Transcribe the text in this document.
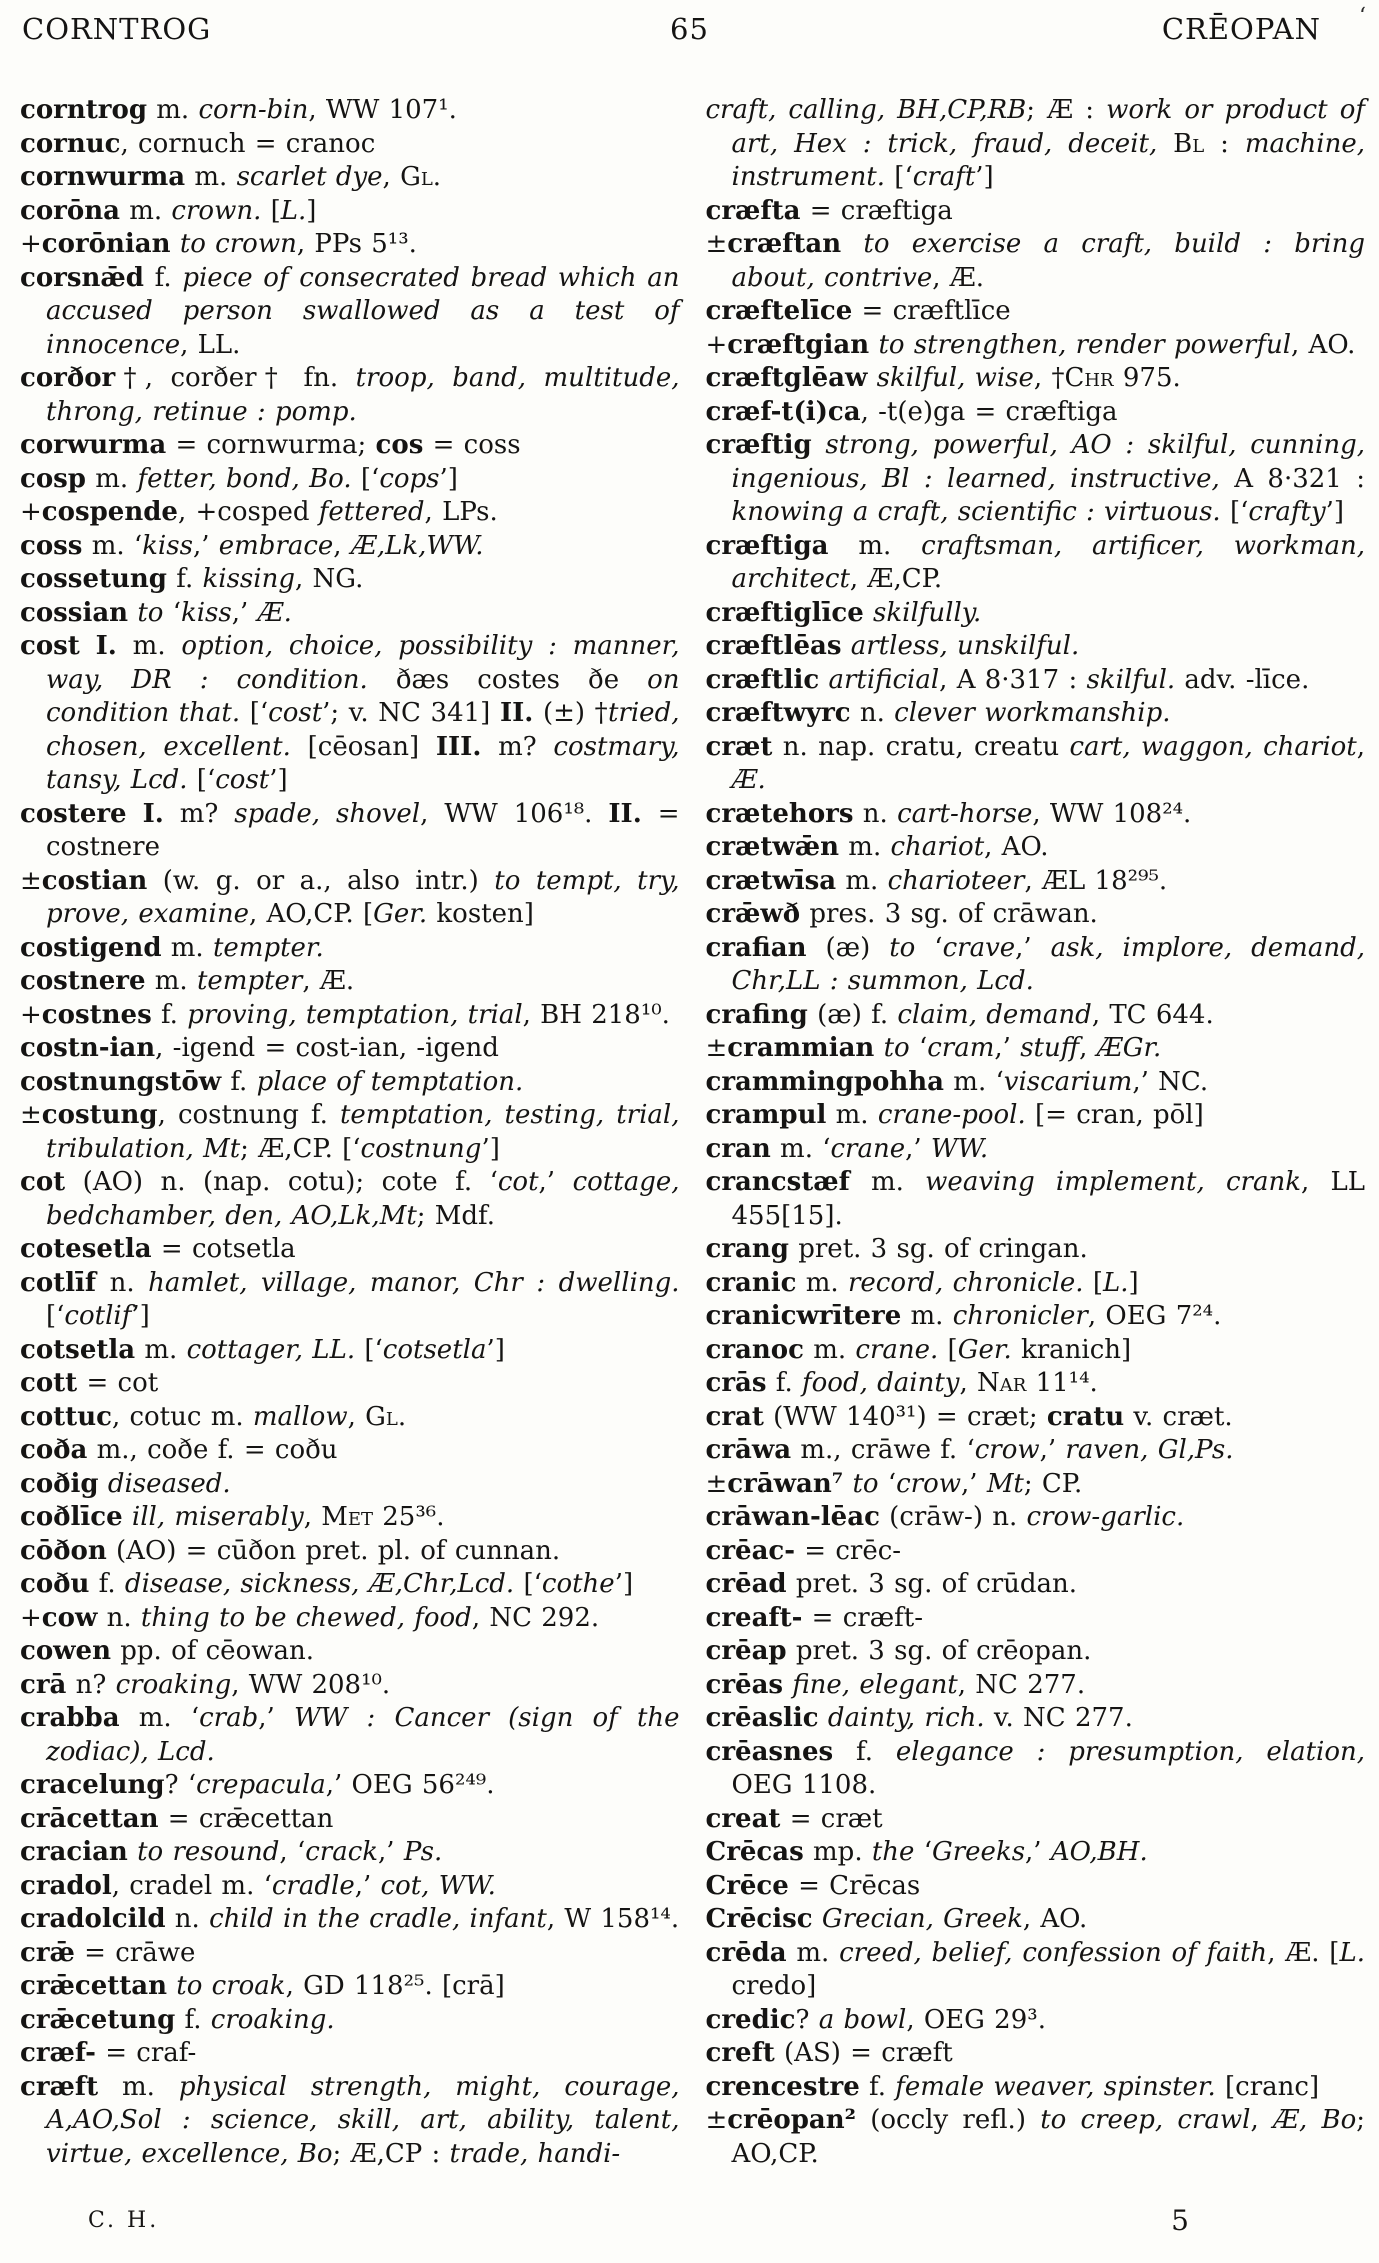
CORNTROG	65	CRĒOPAN ʻ

corntrog m. corn-bin, WW 107¹.

cornuc, cornuch = cranoc

cornwurma m. scarlet dye, Gl.

corōna m. crown. [L.]

+corōnian to crown, PPs 5¹³.

corsnǣd f. piece of consecrated bread which an accused person swallowed as a test of innocence, LL.

corðor†, corðer† fn. troop, band, multitude, throng, retinue : pomp.

corwurma = cornwurma; cos = coss

cosp m. fetter, bond, Bo. [‘cops’]

+cospende, +cosped fettered, LPs.

coss m. ‘kiss,’ embrace, Æ,Lk,WW.

cossetung f. kissing, NG.

cossian to ‘kiss,’ Æ.

cost I. m. option, choice, possibility : manner, way, DR : condition. ðæs costes ðe on condition that. [‘cost’; v. NC 341] II. (±) †tried, chosen, excellent. [cēosan] III. m? costmary, tansy, Lcd. [‘cost’]

costere I. m? spade, shovel, WW 106¹⁸. II. = costnere

±costian (w. g. or a., also intr.) to tempt, try, prove, examine, AO,CP. [Ger. kosten]

costigend m. tempter.

costnere m. tempter, Æ.

+costnes f. proving, temptation, trial, BH 218¹⁰.

costn-ian, -igend = cost-ian, -igend

costnungstōw f. place of temptation.

±costung, costnung f. temptation, testing, trial, tribulation, Mt; Æ,CP. [‘costnung’]

cot (AO) n. (nap. cotu); cote f. ‘cot,’ cottage, bedchamber, den, AO,Lk,Mt; Mdf.

cotesetla = cotsetla

cotlīf n. hamlet, village, manor, Chr : dwelling. [‘cotlif’]

cotsetla m. cottager, LL. [‘cotsetla’]

cott = cot

cottuc, cotuc m. mallow, Gl.

coða m., coðe f. = coðu

coðig diseased.

coðlīce ill, miserably, Met 25³⁶.

cōðon (AO) = cūðon pret. pl. of cunnan.

coðu f. disease, sickness, Æ,Chr,Lcd. [‘cothe’]

+cow n. thing to be chewed, food, NC 292.

cowen pp. of cēowan.

crā n? croaking, WW 208¹⁰.

crabba m. ‘crab,’ WW : Cancer (sign of the zodiac), Lcd.

cracelung? ‘crepacula,’ OEG 56²⁴⁹.

crācettan = crǣcettan

cracian to resound, ‘crack,’ Ps.

cradol, cradel m. ‘cradle,’ cot, WW.

cradolcild n. child in the cradle, infant, W 158¹⁴.

crǣ = crāwe

crǣcettan to croak, GD 118²⁵. [crā]

crǣcetung f. croaking.

cræf- = craf-

cræft m. physical strength, might, courage, A,AO,Sol : science, skill, art, ability, talent, virtue, excellence, Bo; Æ,CP : trade, handi-

craft, calling, BH,CP,RB; Æ : work or product of art, Hex : trick, fraud, deceit, Bl : machine, instrument. [‘craft’]

cræfta = cræftiga

±cræftan to exercise a craft, build : bring about, contrive, Æ.

cræftelīce = cræftlīce

+cræftgian to strengthen, render powerful, AO.

cræftglēaw skilful, wise, †Chr 975.

cræf-t(i)ca, -t(e)ga = cræftiga

cræftig strong, powerful, AO : skilful, cunning, ingenious, Bl : learned, instructive, A 8·321 : knowing a craft, scientific : virtuous. [‘crafty’]

cræftiga m. craftsman, artificer, workman, architect, Æ,CP.

cræftiglīce skilfully.

cræftlēas artless, unskilful.

cræftlic artificial, A 8·317 : skilful. adv. -līce.

cræftwyrc n. clever workmanship.

cræt n. nap. cratu, creatu cart, waggon, chariot, Æ.

crætehors n. cart-horse, WW 108²⁴.

crætwǣn m. chariot, AO.

crætwīsa m. charioteer, ÆL 18²⁹⁵.

crǣwð pres. 3 sg. of crāwan.

crafian (æ) to ‘crave,’ ask, implore, demand, Chr,LL : summon, Lcd.

crafing (æ) f. claim, demand, TC 644.

±crammian to ‘cram,’ stuff, ÆGr.

crammingpohha m. ‘viscarium,’ NC.

crampul m. crane-pool. [= cran, pōl]

cran m. ‘crane,’ WW.

crancstæf m. weaving implement, crank, LL 455[15].

crang pret. 3 sg. of cringan.

cranic m. record, chronicle. [L.]

cranicwrītere m. chronicler, OEG 7²⁴.

cranoc m. crane. [Ger. kranich]

crās f. food, dainty, Nar 11¹⁴.

crat (WW 140³¹) = cræt; cratu v. cræt.

crāwa m., crāwe f. ‘crow,’ raven, Gl,Ps.

±crāwan⁷ to ‘crow,’ Mt; CP.

crāwan-lēac (crāw-) n. crow-garlic.

crēac- = crēc-

crēad pret. 3 sg. of crūdan.

creaft- = cræft-

crēap pret. 3 sg. of crēopan.

crēas fine, elegant, NC 277.

crēaslic dainty, rich. v. NC 277.

crēasnes f. elegance : presumption, elation, OEG 1108.

creat = cræt

Crēcas mp. the ‘Greeks,’ AO,BH.

Crēce = Crēcas

Crēcisc Grecian, Greek, AO.

crēda m. creed, belief, confession of faith, Æ. [L. credo]

credic? a bowl, OEG 29³.

creft (AS) = cræft

crencestre f. female weaver, spinster. [cranc]

±crēopan² (occly refl.) to creep, crawl, Æ, Bo; AO,CP.

C. H.	5
